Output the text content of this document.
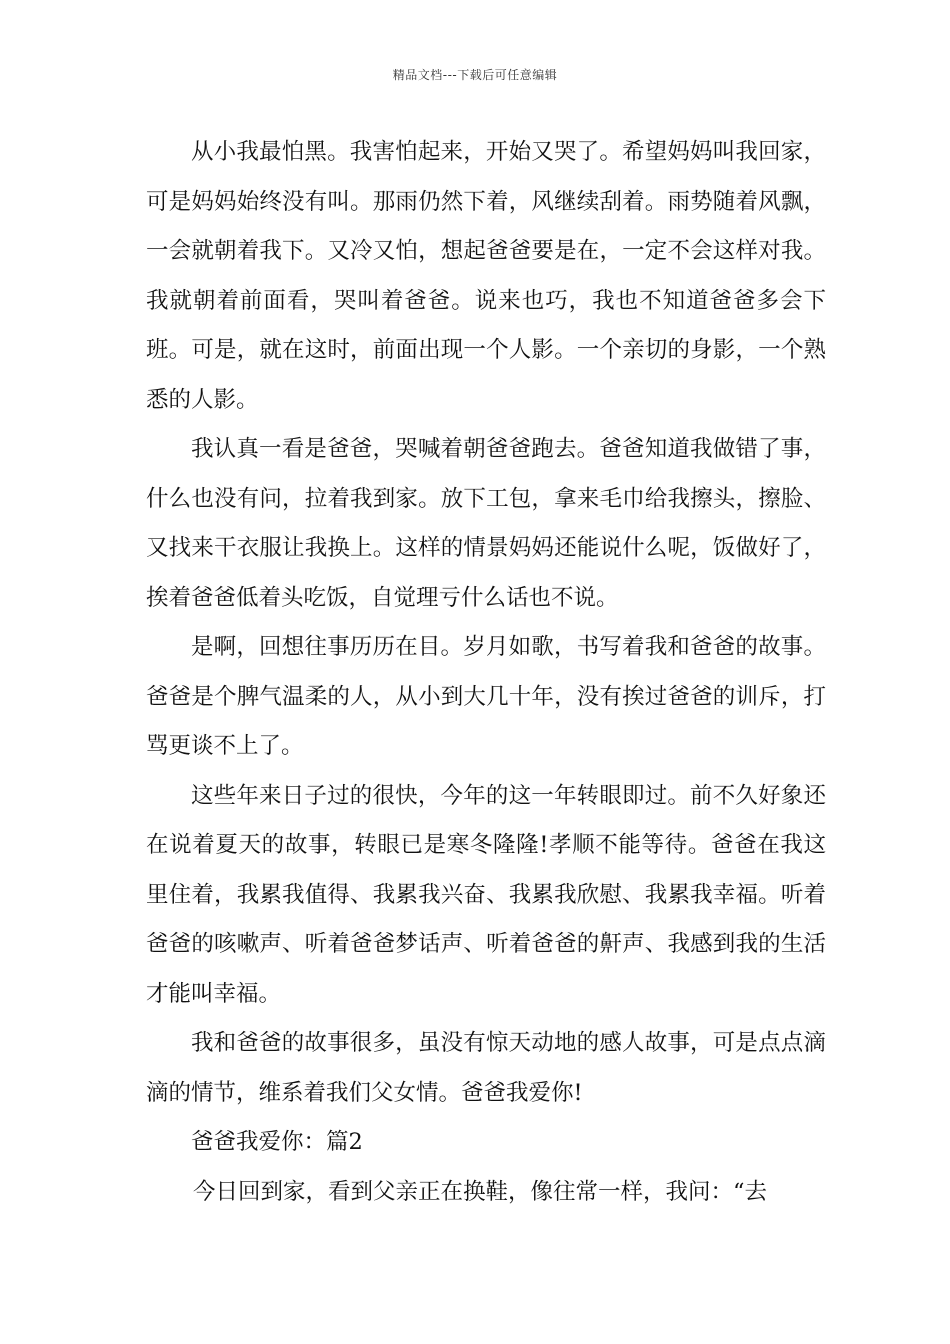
精品文档---下载后可任意编辑

从小我最怕黑。我害怕起来，开始又哭了。希望妈妈叫我回家，可是妈妈始终没有叫。那雨仍然下着，风继续刮着。雨势随着风飘，一会就朝着我下。又冷又怕，想起爸爸要是在，一定不会这样对我。我就朝着前面看，哭叫着爸爸。说来也巧，我也不知道爸爸多会下班。可是，就在这时，前面出现一个人影。一个亲切的身影，一个熟悉的人影。

我认真一看是爸爸，哭喊着朝爸爸跑去。爸爸知道我做错了事，什么也没有问，拉着我到家。放下工包，拿来毛巾给我擦头，擦脸、又找来干衣服让我换上。这样的情景妈妈还能说什么呢，饭做好了，挨着爸爸低着头吃饭，自觉理亏什么话也不说。

是啊，回想往事历历在目。岁月如歌，书写着我和爸爸的故事。爸爸是个脾气温柔的人，从小到大几十年，没有挨过爸爸的训斥，打骂更谈不上了。

这些年来日子过的很快，今年的这一年转眼即过。前不久好象还在说着夏天的故事，转眼已是寒冬隆隆!孝顺不能等待。爸爸在我这里住着，我累我值得、我累我兴奋、我累我欣慰、我累我幸福。听着爸爸的咳嗽声、听着爸爸梦话声、听着爸爸的鼾声、我感到我的生活才能叫幸福。

我和爸爸的故事很多，虽没有惊天动地的感人故事，可是点点滴滴的情节，维系着我们父女情。爸爸我爱你!

爸爸我爱你：篇2

今日回到家，看到父亲正在换鞋，像往常一样，我问：“去
